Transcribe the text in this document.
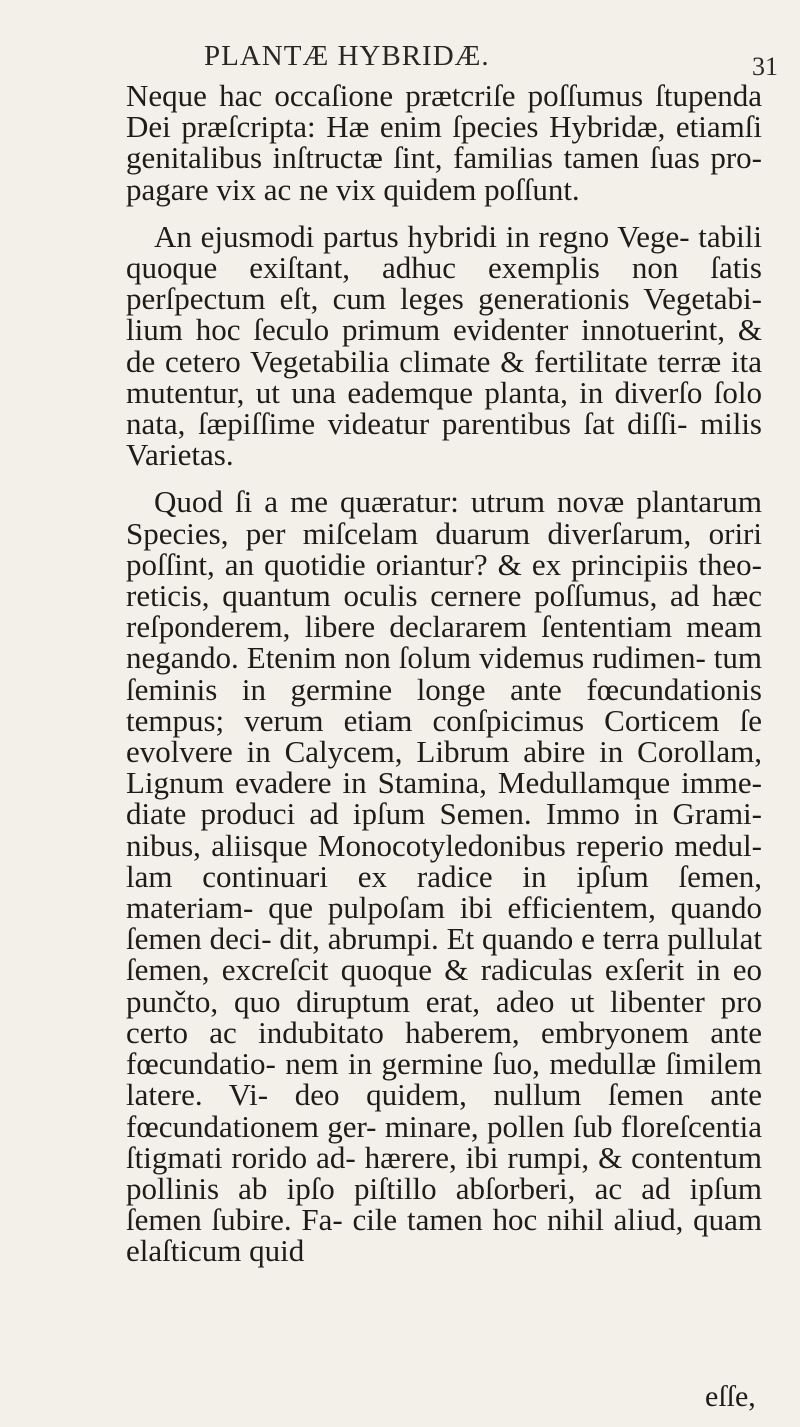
PLANTÆ HYBRIDÆ.	31

Neque hac occaſione prætcriſe poſſumus ſtupenda Dei præſcripta: Hæ enim ſpecies Hybridæ, etiamſi genitalibus inſtructæ ſint, familias tamen ſuas pro- pagare vix ac ne vix quidem poſſunt.

An ejusmodi partus hybridi in regno Vege- tabili quoque exiſtant, adhuc exemplis non ſatis perſpectum eſt, cum leges generationis Vegetabi- lium hoc ſeculo primum evidenter innotuerint, & de cetero Vegetabilia climate & fertilitate terræ ita mutentur, ut una eademque planta, in diverſo ſolo nata, ſæpiſſime videatur parentibus ſat diſſi- milis Varietas.

Quod ſi a me quæratur: utrum novæ plantarum Species, per miſcelam duarum diverſarum, oriri poſſint, an quotidie oriantur? & ex principiis theo- reticis, quantum oculis cernere poſſumus, ad hæc reſponderem, libere declararem ſententiam meam negando. Etenim non ſolum videmus rudimen- tum ſeminis in germine longe ante fœcundationis tempus; verum etiam conſpicimus Corticem ſe evolvere in Calycem, Librum abire in Corollam, Lignum evadere in Stamina, Medullamque imme- diate produci ad ipſum Semen. Immo in Grami- nibus, aliisque Monocotyledonibus reperio medul- lam continuari ex radice in ipſum ſemen, materiam- que pulpoſam ibi efficientem, quando ſemen deci- dit, abrumpi. Et quando e terra pullulat ſemen, excreſcit quoque & radiculas exſerit in eo punčto, quo diruptum erat, adeo ut libenter pro certo ac indubitato haberem, embryonem ante fœcundatio- nem in germine ſuo, medullæ ſimilem latere. Vi- deo quidem, nullum ſemen ante fœcundationem ger- minare, pollen ſub floreſcentia ſtigmati rorido ad- hærere, ibi rumpi, & contentum pollinis ab ipſo piſtillo abſorberi, ac ad ipſum ſemen ſubire. Fa- cile tamen hoc nihil aliud, quam elaſticum quid

eſſe,
